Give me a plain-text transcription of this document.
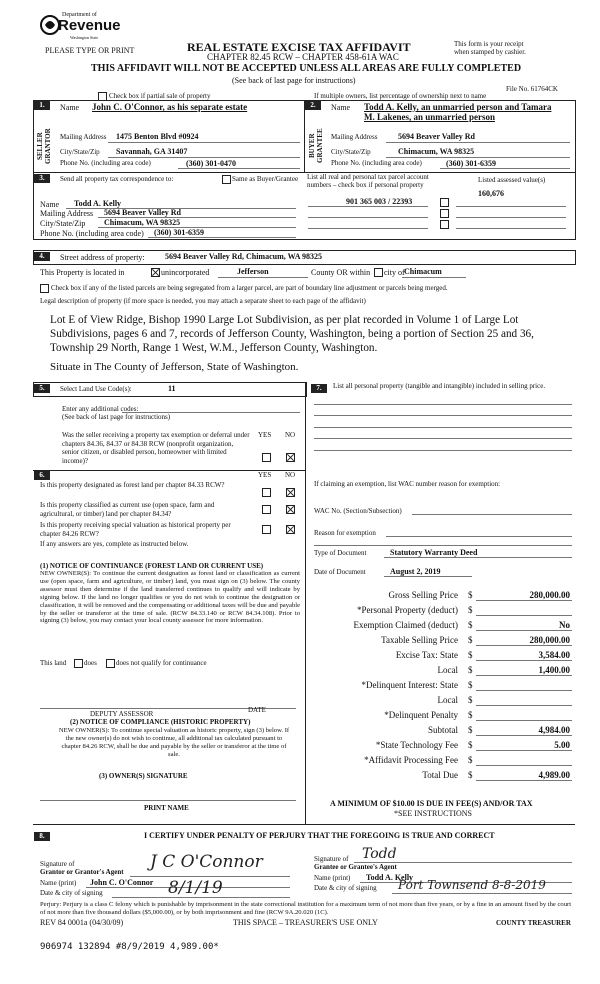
Department of
Revenue
Washington State
PLEASE TYPE OR PRINT	REAL ESTATE EXCISE TAX AFFIDAVIT
CHAPTER 82.45 RCW – CHAPTER 458-61A WAC
THIS AFFIDAVIT WILL NOT BE ACCEPTED UNLESS ALL AREAS ARE FULLY COMPLETED
(See back of last page for instructions)
This form is your receipt
when stamped by cashier.
File No. 61764CK
Check box if partial sale of property	If multiple owners, list percentage of ownership next to name
1.
SELLER GRANTOR
Name John C. O'Connor, as his separate estate
Mailing Address 1475 Benton Blvd #0924
City/State/Zip Savannah, GA 31407
Phone No. (including area code)	(360) 301-0470
2.
BUYER GRANTEE
Name Todd A. Kelly, an unmarried person and Tamara
M. Lakenes, an unmarried person
Mailing Address	5694 Beaver Valley Rd
City/State/Zip	Chimacum, WA 98325
Phone No. (including area code)	(360) 301-6359
3.	Send all property tax correspondence to:	Same as Buyer/Grantee List all real and personal tax parcel account
numbers – check box if personal property
Listed assessed value(s)
160,676
901 365 003 / 22393
Name Todd A. Kelly
Mailing Address 5694 Beaver Valley Rd
City/State/Zip Chimacum, WA 98325
Phone No. (including area code) (360) 301-6359
4.	Street address of property:	5694 Beaver Valley Rd, Chimacum, WA 98325
This Property is located in	unincorporated	Jefferson	County OR within city of Chimacum
Check box if any of the listed parcels are being segregated from a larger parcel, are part of boundary line adjustment or parcels being merged.
Legal description of property (if more space is needed, you may attach a separate sheet to each page of the affidavit)
Lot E of View Ridge, Bishop 1990 Large Lot Subdivision, as per plat recorded in Volume 1 of Large Lot Subdivisions, pages 6 and 7, records of Jefferson County, Washington, being a portion of Section 25 and 36, Township 29 North, Range 1 West, W.M., Jefferson County, Washington.
Situate in The County of Jefferson, State of Washington.
5.	Select Land Use Code(s):	11
Enter any additional codes:
(See back of last page for instructions)
YES NO
Was the seller receiving a property tax exemption or deferral under chapters 84.36, 84.37 or 84.38 RCW (nonprofit organization, senior citizen, or disabled person, homeowner with limited income)?
6.	YES NO
Is this property designated as forest land per chapter 84.33 RCW?
Is this property classified as current use (open space, farm and agricultural, or timber) land per chapter 84.34?
Is this property receiving special valuation as historical property per chapter 84.26 RCW?
If any answers are yes, complete as instructed below.
(1) NOTICE OF CONTINUANCE (FOREST LAND OR CURRENT USE)
NEW OWNER(S): To continue the current designation as forest land or classification as current use (open space, farm and agriculture, or timber) land, you must sign on (3) below. The county assessor must then determine if the land transferred continues to qualify and will indicate by signing below. If the land no longer qualifies or you do not wish to continue the designation or classification, it will be removed and the compensating or additional taxes will be due and payable by the seller or transferor at the time of sale. (RCW 84.33.140 or RCW 84.34.108). Prior to signing (3) below, you may contact your local county assessor for more information.
This land	does	does not qualify for continuance
DEPUTY ASSESSOR	DATE
(2) NOTICE OF COMPLIANCE (HISTORIC PROPERTY)
NEW OWNER(S): To continue special valuation as historic property, sign (3) below. If the new owner(s) do not wish to continue, all additional tax calculated pursuant to chapter 84.26 RCW, shall be due and payable by the seller or transferor at the time of sale.
(3) OWNER(S) SIGNATURE
PRINT NAME
7.	List all personal property (tangible and intangible) included in selling price.
If claiming an exemption, list WAC number reason for exemption:
WAC No. (Section/Subsection)
Reason for exemption
Type of Document	Statutory Warranty Deed
Date of Document	August 2, 2019
Gross Selling Price $	280,000.00
*Personal Property (deduct) $
Exemption Claimed (deduct) $	No
Taxable Selling Price $	280,000.00
Excise Tax: State $	3,584.00
Local $	1,400.00
*Delinquent Interest: State $
Local $
*Delinquent Penalty $
Subtotal $	4,984.00
*State Technology Fee $	5.00
*Affidavit Processing Fee $
Total Due $	4,989.00
A MINIMUM OF $10.00 IS DUE IN FEE(S) AND/OR TAX
*SEE INSTRUCTIONS
8.	I CERTIFY UNDER PENALTY OF PERJURY THAT THE FOREGOING IS TRUE AND CORRECT
Signature of
Grantor or Grantor's Agent J C O'Connor
Name (print) John C. O'Connor
Date & city of signing	8/1/19
Signature of
Grantee or Grantee's Agent
Todd
Name (print) Todd A. Kelly
Date & city of signing Port Townsend 8-8-2019
Perjury: Perjury is a class C felony which is punishable by imprisonment in the state correctional institution for a maximum term of not more than five years, or by a fine in an amount fixed by the court of not more than five thousand dollars ($5,000.00), or by both imprisonment and fine (RCW 9A.20.020 (1C).
REV 84 0001a (04/30/09)	THIS SPACE – TREASURER'S USE ONLY	COUNTY TREASURER
906974 132894 #8/9/2019 4,989.00*
